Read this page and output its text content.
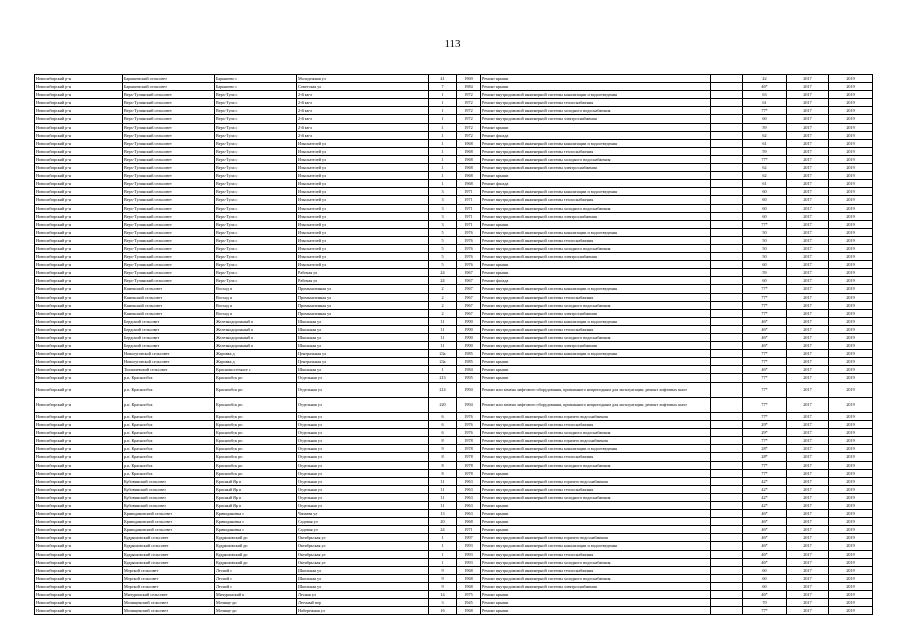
113
Новосибирский р-н	Барышевский сельсовет	Барышево с	Молодежная ул	41	1969	Ремонт крыши		42	2017	2019
Новосибирский р-н	Барышевский сельсовет	Барышево с	Советская ул	7	1984	Ремонт крыши		46*	2017	2019
Новосибирский р-н	Верх-Тулинский сельсовет	Верх-Тула с	2-й кв-л	1	1972	Ремонт внутридомовой инженерной системы канализации и водоотведения		63	2017	2019
Новосибирский р-н	Верх-Тулинский сельсовет	Верх-Тула с	2-й кв-л	1	1972	Ремонт внутридомовой инженерной системы теплоснабжения		61	2017	2019
Новосибирский р-н	Верх-Тулинский сельсовет	Верх-Тула с	2-й кв-л	1	1972	Ремонт внутридомовой инженерной системы холодного водоснабжения		77*	2017	2019
Новосибирский р-н	Верх-Тулинский сельсовет	Верх-Тула с	2-й кв-л	1	1972	Ремонт внутридомовой инженерной системы электроснабжения		60	2017	2019
Новосибирский р-н	Верх-Тулинский сельсовет	Верх-Тула с	2-й кв-л	1	1972	Ремонт крыши		59	2017	2019
Новосибирский р-н	Верх-Тулинский сельсовет	Верх-Тула с	2-й кв-л	1	1972	Ремонт фасада		62	2017	2019
Новосибирский р-н	Верх-Тулинский сельсовет	Верх-Тула с	Изыскателей ул	1	1968	Ремонт внутридомовой инженерной системы канализации и водоотведения		61	2017	2019
Новосибирский р-н	Верх-Тулинский сельсовет	Верх-Тула с	Изыскателей ул	1	1968	Ремонт внутридомовой инженерной системы теплоснабжения		59	2017	2019
Новосибирский р-н	Верх-Тулинский сельсовет	Верх-Тула с	Изыскателей ул	1	1968	Ремонт внутридомовой инженерной системы холодного водоснабжения		77*	2017	2019
Новосибирский р-н	Верх-Тулинский сельсовет	Верх-Тула с	Изыскателей ул	1	1968	Ремонт внутридомовой инженерной системы электроснабжения		62	2017	2019
Новосибирский р-н	Верх-Тулинский сельсовет	Верх-Тула с	Изыскателей ул	1	1968	Ремонт крыши		62	2017	2019
Новосибирский р-н	Верх-Тулинский сельсовет	Верх-Тула с	Изыскателей ул	1	1968	Ремонт фасада		61	2017	2019
Новосибирский р-н	Верх-Тулинский сельсовет	Верх-Тула с	Изыскателей ул	3	1971	Ремонт внутридомовой инженерной системы канализации и водоотведения		60	2017	2019
Новосибирский р-н	Верх-Тулинский сельсовет	Верх-Тула с	Изыскателей ул	3	1971	Ремонт внутридомовой инженерной системы теплоснабжения		60	2017	2019
Новосибирский р-н	Верх-Тулинский сельсовет	Верх-Тула с	Изыскателей ул	3	1971	Ремонт внутридомовой инженерной системы холодного водоснабжения		60	2017	2019
Новосибирский р-н	Верх-Тулинский сельсовет	Верх-Тула с	Изыскателей ул	3	1971	Ремонт внутридомовой инженерной системы электроснабжения		60	2017	2019
Новосибирский р-н	Верх-Тулинский сельсовет	Верх-Тула с	Изыскателей ул	3	1971	Ремонт крыши		77*	2017	2019
Новосибирский р-н	Верх-Тулинский сельсовет	Верх-Тула с	Изыскателей ул	5	1976	Ремонт внутридомовой инженерной системы канализации и водоотведения		50	2017	2019
Новосибирский р-н	Верх-Тулинский сельсовет	Верх-Тула с	Изыскателей ул	5	1976	Ремонт внутридомовой инженерной системы теплоснабжения		50	2017	2019
Новосибирский р-н	Верх-Тулинский сельсовет	Верх-Тула с	Изыскателей ул	5	1976	Ремонт внутридомовой инженерной системы холодного водоснабжения		50	2017	2019
Новосибирский р-н	Верх-Тулинский сельсовет	Верх-Тула с	Изыскателей ул	5	1976	Ремонт внутридомовой инженерной системы электроснабжения		50	2017	2019
Новосибирский р-н	Верх-Тулинский сельсовет	Верх-Тула с	Изыскателей ул	5	1976	Ремонт крыши		60	2017	2019
Новосибирский р-н	Верх-Тулинский сельсовет	Верх-Тула с	Рабочая ул	24	1967	Ремонт крыши		59	2017	2019
Новосибирский р-н	Верх-Тулинский сельсовет	Верх-Тула с	Рабочая ул	24	1967	Ремонт фасада		60	2017	2019
Новосибирский р-н	Каменский сельсовет	Восход п	Промышленная ул	2	1967	Ремонт внутридомовой инженерной системы канализации и водоотведения		77*	2017	2019
Новосибирский р-н	Каменский сельсовет	Восход п	Промышленная ул	2	1967	Ремонт внутридомовой инженерной системы теплоснабжения		77*	2017	2019
Новосибирский р-н	Каменский сельсовет	Восход п	Промышленная ул	2	1967	Ремонт внутридомовой инженерной системы холодного водоснабжения		77*	2017	2019
Новосибирский р-н	Каменский сельсовет	Восход п	Промышленная ул	2	1967	Ремонт внутридомовой инженерной системы электроснабжения		77*	2017	2019
Новосибирский р-н	Бердский сельсовет	Железнодорожный п	Школьная ул	11	1990	Ремонт внутридомовой инженерной системы канализации и водоотведения		46*	2017	2019
Новосибирский р-н	Бердский сельсовет	Железнодорожный п	Школьная ул	11	1990	Ремонт внутридомовой инженерной системы теплоснабжения		46*	2017	2019
Новосибирский р-н	Бердский сельсовет	Железнодорожный п	Школьная ул	11	1990	Ремонт внутридомовой инженерной системы холодного водоснабжения		46*	2017	2019
Новосибирский р-н	Бердский сельсовет	Железнодорожный п	Школьная ул	11	1990	Ремонт внутридомовой инженерной системы электроснабжения		46*	2017	2019
Новосибирский р-н	Новолуговской сельсовет	Жаровка д	Центральная ул	23а	1985	Ремонт внутридомовой инженерной системы канализации и водоотведения		77*	2017	2019
Новосибирский р-н	Новолуговской сельсовет	Жаровка д	Центральная ул	23а	1985	Ремонт крыши		77*	2017	2019
Новосибирский р-н	Толмачевский сельсовет	Красномосточное с	Школьная ул	1	1984	Ремонт крыши		46*	2017	2019
Новосибирский р-н	р.п. Краснообск	Краснообск рп	Отдельная ул	213	1995	Ремонт крыши		77*	2017	2019
Новосибирский р-н	р.п. Краснообск	Краснообск рп	Отдельная ул	214	1994	Ремонт или замена лифтового оборудования, признанного непригодным для эксплуатации, ремонт лифтовых шахт		77*	2017	2019
Новосибирский р-н	р.п. Краснообск	Краснообск рп	Отдельная ул	220	1994	Ремонт или замена лифтового оборудования, признанного непригодным для эксплуатации, ремонт лифтовых шахт		77*	2017	2019
Новосибирский р-н	р.п. Краснообск	Краснообск рп	Отдельная ул	6	1976	Ремонт внутридомовой инженерной системы горячего водоснабжения		77*	2017	2019
Новосибирский р-н	р.п. Краснообск	Краснообск рп	Отдельная ул	6	1976	Ремонт внутридомовой инженерной системы теплоснабжения		29*	2017	2019
Новосибирский р-н	р.п. Краснообск	Краснообск рп	Отдельная ул	6	1976	Ремонт внутридомовой инженерной системы холодного водоснабжения		29*	2017	2019
Новосибирский р-н	р.п. Краснообск	Краснообск рп	Отдельная ул	8	1978	Ремонт внутридомовой инженерной системы горячего водоснабжения		77*	2017	2019
Новосибирский р-н	р.п. Краснообск	Краснообск рп	Отдельная ул	9	1978	Ремонт внутридомовой инженерной системы канализации и водоотведения		28*	2017	2019
Новосибирский р-н	р.п. Краснообск	Краснообск рп	Отдельная ул	8	1978	Ремонт внутридомовой инженерной системы теплоснабжения		28*	2017	2019
Новосибирский р-н	р.п. Краснообск	Краснообск рп	Отдельная ул	8	1978	Ремонт внутридомовой инженерной системы холодного водоснабжения		77*	2017	2019
Новосибирский р-н	р.п. Краснообск	Краснообск рп	Отдельная ул	8	1978	Ремонт крыши		77*	2017	2019
Новосибирский р-н	Кубовинский сельсовет	Красный Яр п	Отдельная ул	11	1963	Ремонт внутридомовой инженерной системы горячего водоснабжения		42*	2017	2019
Новосибирский р-н	Кубовинский сельсовет	Красный Яр п	Отдельная ул	11	1963	Ремонт внутридомовой инженерной системы теплоснабжения		42*	2017	2019
Новосибирский р-н	Кубовинский сельсовет	Красный Яр п	Отдельная ул	11	1963	Ремонт внутридомовой инженерной системы холодного водоснабжения		42*	2017	2019
Новосибирский р-н	Кубовинский сельсовет	Красный Яр п	Отдельная ул	11	1963	Ремонт крыши		42*	2017	2019
Новосибирский р-н	Криводановский сельсовет	Криводановка с	Чапаева ул	13	1963	Ремонт крыши		46*	2017	2019
Новосибирский р-н	Криводановский сельсовет	Криводановка с	Садовая ул	20	1968	Ремонт крыши		46*	2017	2019
Новосибирский р-н	Криводановский сельсовет	Криводановка с	Садовая ул	24	1971	Ремонт крыши		46*	2017	2019
Новосибирский р-н	Кудряшовский сельсовет	Кудряшовский дп	Октябрьская ул	1	1997	Ремонт внутридомовой инженерной системы горячего водоснабжения		46*	2017	2019
Новосибирский р-н	Кудряшовский сельсовет	Кудряшовский дп	Октябрьская ул	1	1993	Ремонт внутридомовой инженерной системы канализации и водоотведения		46*	2017	2019
Новосибирский р-н	Кудряшовский сельсовет	Кудряшовский дп	Октябрьская ул	1	1993	Ремонт внутридомовой инженерной системы теплоснабжения		46*	2017	2019
Новосибирский р-н	Кудряшовский сельсовет	Кудряшовский дп	Октябрьская ул	1	1993	Ремонт внутридомовой инженерной системы холодного водоснабжения		46*	2017	2019
Новосибирский р-н	Морской сельсовет	Лесной с	Школьная ул	9	1968	Ремонт внутридомовой инженерной системы теплоснабжения		60	2017	2019
Новосибирский р-н	Морской сельсовет	Лесной с	Школьная ул	9	1968	Ремонт внутридомовой инженерной системы холодного водоснабжения		60	2017	2019
Новосибирский р-н	Морской сельсовет	Лесной с	Школьная ул	9	1968	Ремонт внутридомовой инженерной системы электроснабжения		60	2017	2019
Новосибирский р-н	Мичуринский сельсовет	Мичуринский п	Лесная ул	14	1975	Ремонт крыши		46*	2017	2019
Новосибирский р-н	Мочищенский сельсовет	Мочище дп	Легчный пер	3	1945	Ремонт крыши		70	2017	2019
Новосибирский р-н	Мочищенский сельсовет	Мочище дп	Набережная ул	16	1968	Ремонт крыши		77*	2017	2019
